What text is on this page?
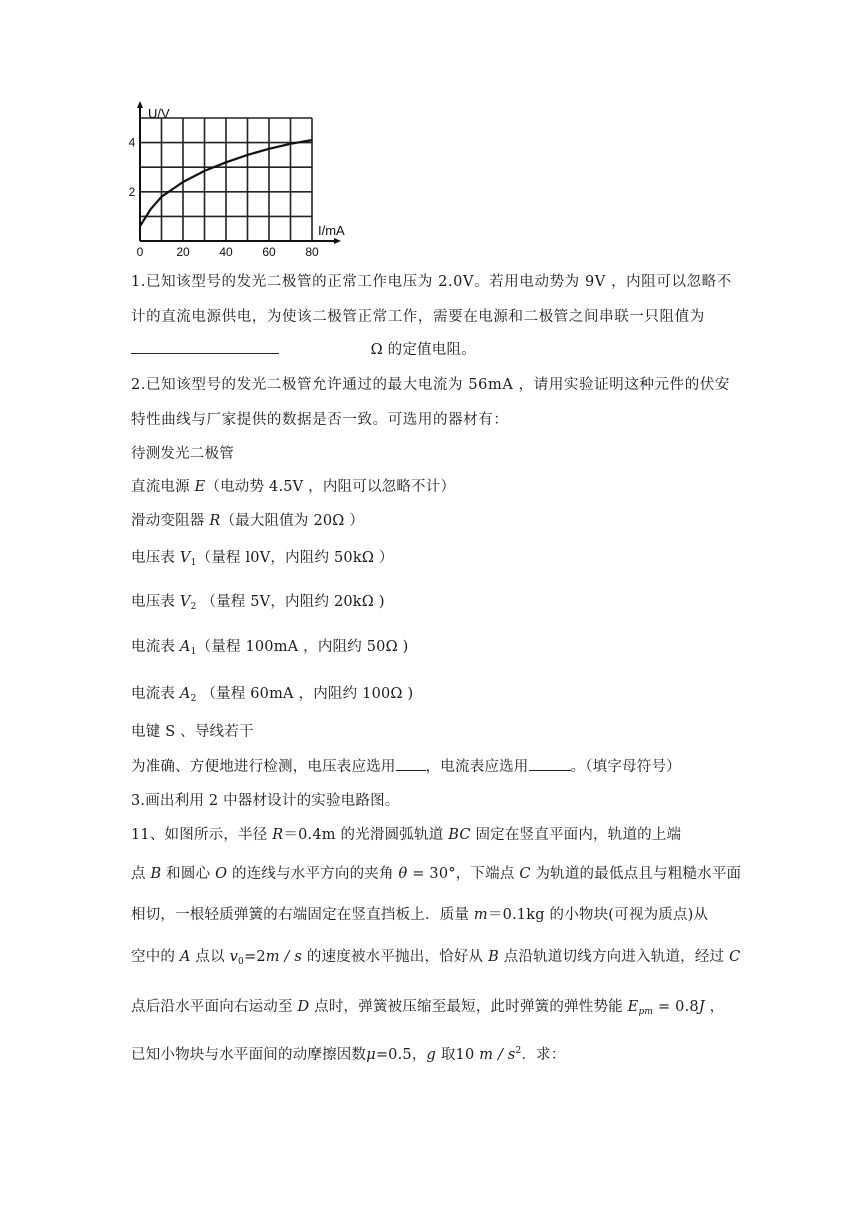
0	20 40 60 80
2
4
U/V
I/mA
1.已知该型号的发光二极管的正常工作电压为 2.0V。若用电动势为 9V ，内阻可以忽略不
计的直流电源供电，为使该二极管正常工作，需要在电源和二极管之间串联一只阻值为
Ω 的定值电阻。
2.已知该型号的发光二极管允许通过的最大电流为 56mA ，请用实验证明这种元件的伏安
特性曲线与厂家提供的数据是否一致。可选用的器材有：
待测发光二极管
直流电源 E（电动势 4.5V ，内阻可以忽略不计）
滑动变阻器 R（最大阻值为 20Ω ）
电压表 $V_1$（量程 l0V，内阻约 50kΩ ）
电压表 $V_2$ （量程 5V，内阻约 20kΩ )
电流表 $A_1$（量程 100mA ，内阻约 50Ω )
电流表 $A_2$ （量程 60mA ，内阻约 100Ω )
电键 S 、导线若干
为准确、方便地进行检测，电压表应选用 ，电流表应选用	。（填字母符号）
3.画出利用 2 中器材设计的实验电路图。
11、如图所示，半径 R＝0.4m 的光滑圆弧轨道 BC 固定在竖直平面内，轨道的上端
点 B 和圆心 O 的连线与水平方向的夹角 θ = 30°，下端点 C 为轨道的最低点且与粗糙水平面
相切，一根轻质弹簧的右端固定在竖直挡板上．质量 m＝0.1kg 的小物块(可视为质点)从
空中的 A 点以 $v_0=2m / s$ 的速度被水平抛出，恰好从 B 点沿轨道切线方向进入轨道，经过 C
点后沿水平面向右运动至 D 点时，弹簧被压缩至最短，此时弹簧的弹性势能 $E_{pm} = 0.8J$ ，
已知小物块与水平面间的动摩擦因数μ=0.5，g 取10 m / $s^2$．求：
